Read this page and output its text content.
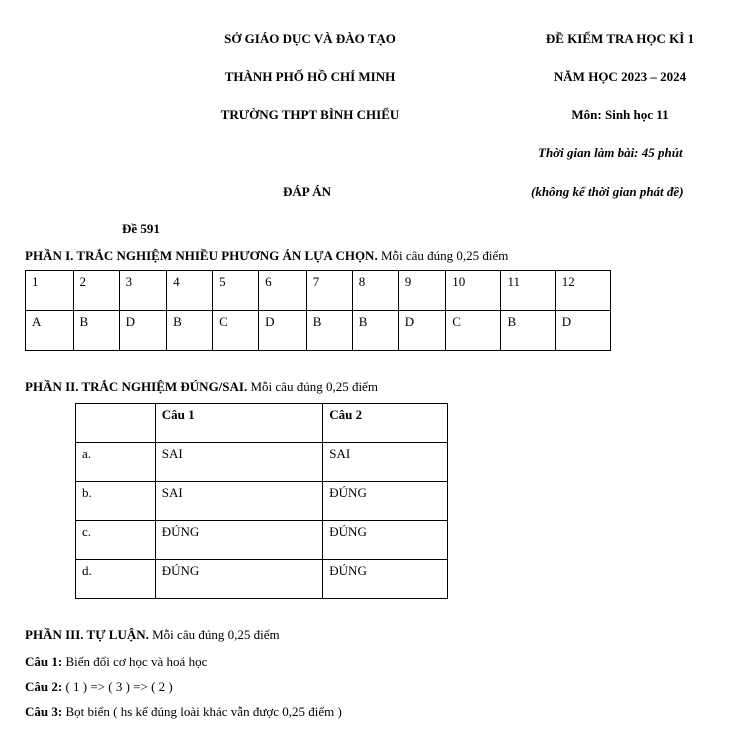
SỞ GIÁO DỤC VÀ ĐÀO TẠO
THÀNH PHỐ HỒ CHÍ MINH
TRƯỜNG THPT BÌNH CHIỂU
ĐỀ KIỂM TRA HỌC KÌ 1
NĂM HỌC 2023 – 2024
Môn: Sinh học 11
Thời gian làm bài: 45 phút
(không kể thời gian phát đề)
ĐÁP ÁN
Đề 591
PHẦN I. TRẮC NGHIỆM NHIỀU PHƯƠNG ÁN LỰA CHỌN. Mỗi câu đúng 0,25 điểm
1	2	3	4	5	6	7	8	9	10	11	12
A	B	D	B	C	D	B	B	D	C	B	D
PHẦN II. TRẮC NGHIỆM ĐÚNG/SAI. Mỗi câu đúng 0,25 điểm
	Câu 1	Câu 2
a.	SAI	SAI
b.	SAI	ĐÚNG
c.	ĐÚNG	ĐÚNG
d.	ĐÚNG	ĐÚNG
PHẦN III. TỰ LUẬN. Mỗi câu đúng 0,25 điểm
Câu 1: Biến đổi cơ học và hoá học
Câu 2: ( 1 ) => ( 3 ) => ( 2 )
Câu 3: Bọt biển ( hs kể đúng loài khác vẫn được 0,25 điểm )
